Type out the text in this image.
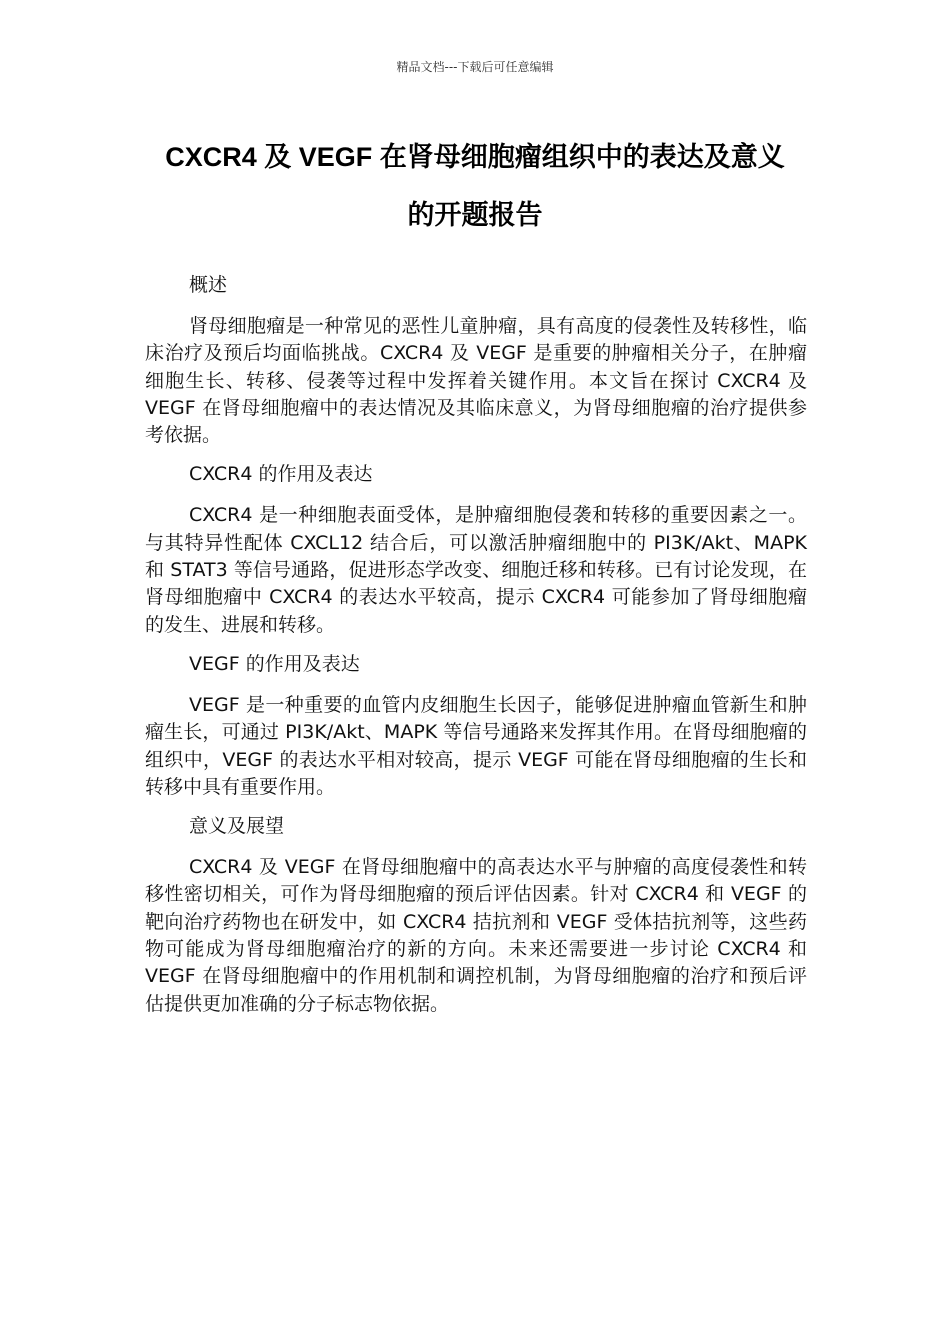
精品文档---下载后可任意编辑
CXCR4 及 VEGF 在肾母细胞瘤组织中的表达及意义
的开题报告
概述

肾母细胞瘤是一种常见的恶性儿童肿瘤，具有高度的侵袭性及转移性，临床治疗及预后均面临挑战。CXCR4 及 VEGF 是重要的肿瘤相关分子，在肿瘤细胞生长、转移、侵袭等过程中发挥着关键作用。本文旨在探讨 CXCR4 及 VEGF 在肾母细胞瘤中的表达情况及其临床意义，为肾母细胞瘤的治疗提供参考依据。

CXCR4 的作用及表达

CXCR4 是一种细胞表面受体，是肿瘤细胞侵袭和转移的重要因素之一。与其特异性配体 CXCL12 结合后，可以激活肿瘤细胞中的 PI3K/Akt、MAPK 和 STAT3 等信号通路，促进形态学改变、细胞迁移和转移。已有讨论发现，在肾母细胞瘤中 CXCR4 的表达水平较高，提示 CXCR4 可能参加了肾母细胞瘤的发生、进展和转移。

VEGF 的作用及表达

VEGF 是一种重要的血管内皮细胞生长因子，能够促进肿瘤血管新生和肿瘤生长，可通过 PI3K/Akt、MAPK 等信号通路来发挥其作用。在肾母细胞瘤的组织中，VEGF 的表达水平相对较高，提示 VEGF 可能在肾母细胞瘤的生长和转移中具有重要作用。

意义及展望

CXCR4 及 VEGF 在肾母细胞瘤中的高表达水平与肿瘤的高度侵袭性和转移性密切相关，可作为肾母细胞瘤的预后评估因素。针对 CXCR4 和 VEGF 的靶向治疗药物也在研发中，如 CXCR4 拮抗剂和 VEGF 受体拮抗剂等，这些药物可能成为肾母细胞瘤治疗的新的方向。未来还需要进一步讨论 CXCR4 和 VEGF 在肾母细胞瘤中的作用机制和调控机制，为肾母细胞瘤的治疗和预后评估提供更加准确的分子标志物依据。
